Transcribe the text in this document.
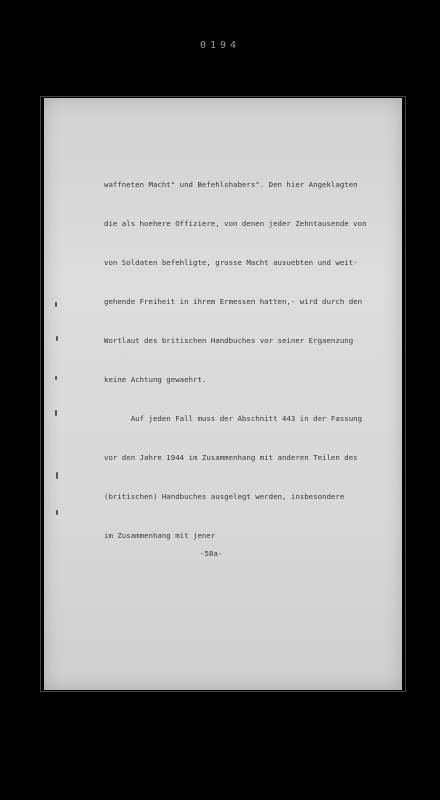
0194

waffneten Macht" und Befehlshabers". Den hier Angeklagten

die als hoehere Offiziere, von denen jeder Zehntausende von

von Soldaten befehligte, grosse Macht ausuebten und weit-

gehende Freiheit in ihrem Ermessen hatten,- wird durch den

Wortlaut des britischen Handbuches vor seiner Ergaenzung

keine Achtung gewaehrt.

Auf jeden Fall muss der Abschnitt 443 in der Fassung

vor den Jahre 1944 im Zusammenhang mit anderen Teilen des

(britischen) Handbuches ausgelegt werden, insbesondere

im Zusammenhang mit jener

-58a-
